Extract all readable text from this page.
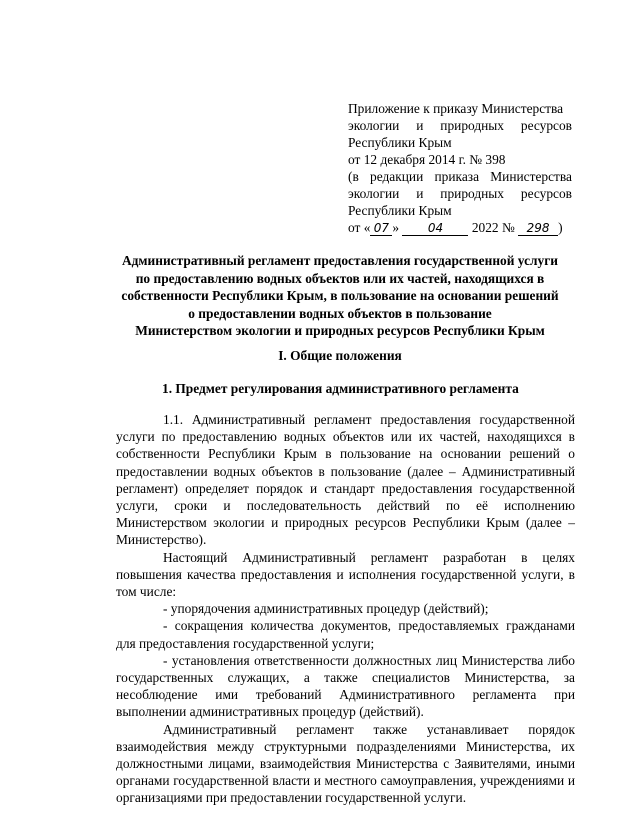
Приложение к приказу Министерства
экологии и природных ресурсов
Республики Крым
от 12 декабря 2014 г. № 398
(в редакции приказа Министерства
экологии и природных ресурсов
Республики Крым
от « 07 » 04 2022 № 298 )
Административный регламент предоставления государственной услуги
по предоставлению водных объектов или их частей, находящихся в
собственности Республики Крым, в пользование на основании решений
о предоставлении водных объектов в пользование
Министерством экологии и природных ресурсов Республики Крым
I. Общие положения
1. Предмет регулирования административного регламента

1.1. Административный регламент предоставления государственной услуги по предоставлению водных объектов или их частей, находящихся в собственности Республики Крым в пользование на основании решений о предоставлении водных объектов в пользование (далее – Административный регламент) определяет порядок и стандарт предоставления государственной услуги, сроки и последовательность действий по её исполнению Министерством экологии и природных ресурсов Республики Крым (далее – Министерство).

Настоящий Административный регламент разработан в целях повышения качества предоставления и исполнения государственной услуги, в том числе:

- упорядочения административных процедур (действий);

- сокращения количества документов, предоставляемых гражданами для предоставления государственной услуги;

- установления ответственности должностных лиц Министерства либо государственных служащих, а также специалистов Министерства, за несоблюдение ими требований Административного регламента при выполнении административных процедур (действий).

Административный регламент также устанавливает порядок взаимодействия между структурными подразделениями Министерства, их должностными лицами, взаимодействия Министерства с Заявителями, иными органами государственной власти и местного самоуправления, учреждениями и организациями при предоставлении государственной услуги.
